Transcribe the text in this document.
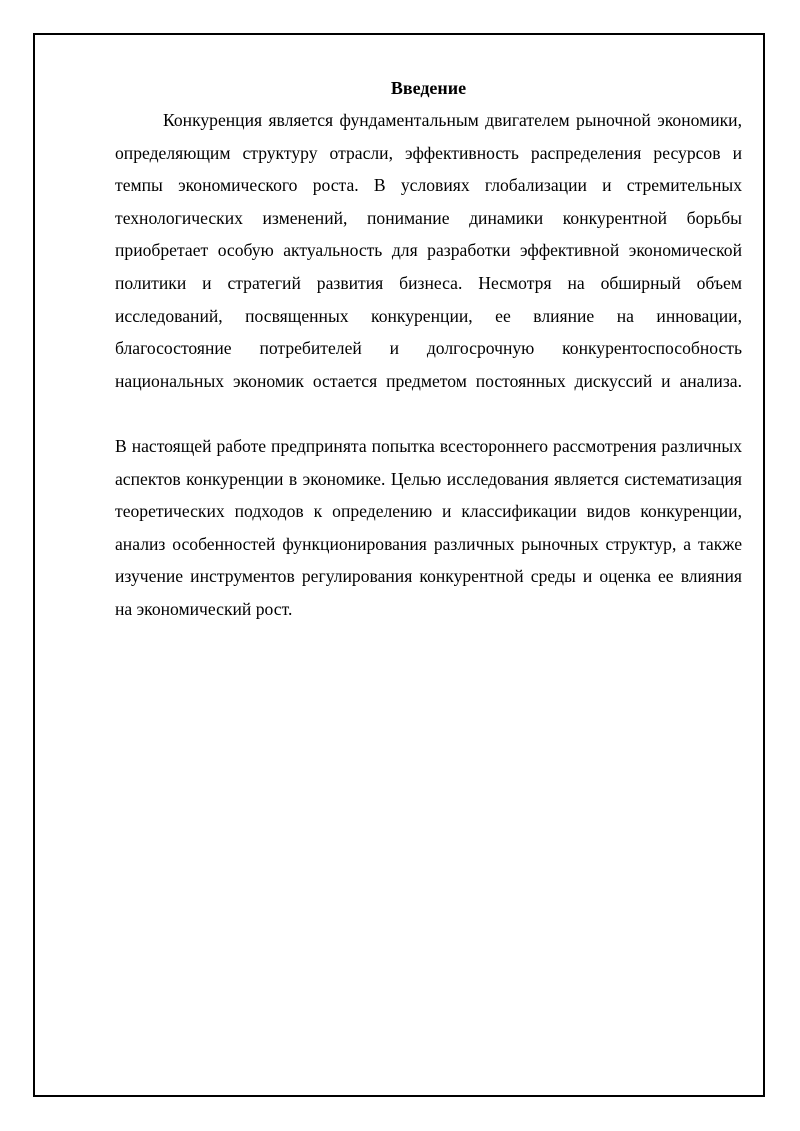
Введение

Конкуренция является фундаментальным двигателем рыночной экономики, определяющим структуру отрасли, эффективность распределения ресурсов и темпы экономического роста. В условиях глобализации и стремительных технологических изменений, понимание динамики конкурентной борьбы приобретает особую актуальность для разработки эффективной экономической политики и стратегий развития бизнеса. Несмотря на обширный объем исследований, посвященных конкуренции, ее влияние на инновации, благосостояние потребителей и долгосрочную конкурентоспособность национальных экономик остается предметом постоянных дискуссий и анализа.

В настоящей работе предпринята попытка всестороннего рассмотрения различных аспектов конкуренции в экономике. Целью исследования является систематизация теоретических подходов к определению и классификации видов конкуренции, анализ особенностей функционирования различных рыночных структур, а также изучение инструментов регулирования конкурентной среды и оценка ее влияния на экономический рост.
